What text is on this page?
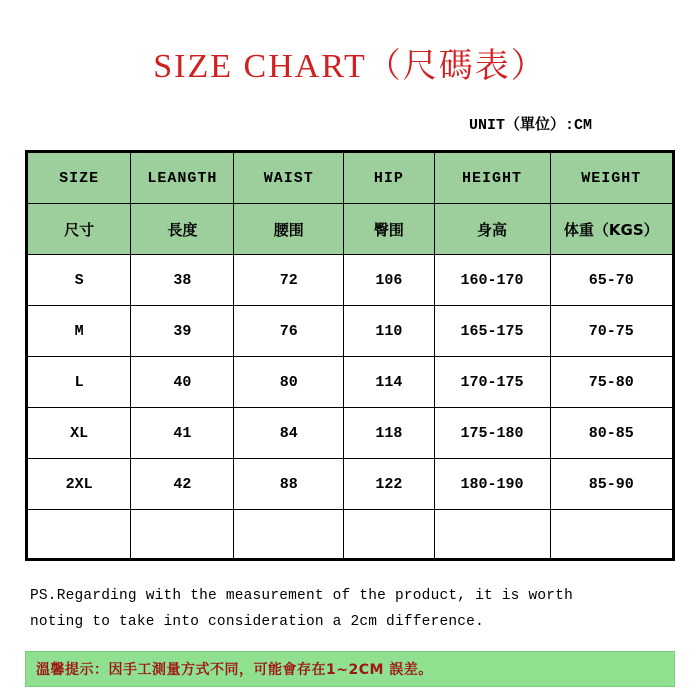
SIZE CHART（尺碼表）
UNIT（單位）:CM
SIZE	LEANGTH	WAIST	HIP	HEIGHT	WEIGHT
尺寸	長度	腰围	臀围	身高	体重（KGS）
S	38	72	106	160-170	65-70
M	39	76	110	165-175	70-75
L	40	80	114	170-175	75-80
XL	41	84	118	175-180	80-85
2XL	42	88	122	180-190	85-90

PS.Regarding with the measurement of the product, it is worth
noting to take into consideration a 2cm difference.
溫馨提示：因手工測量方式不同，可能會存在1~2CM 誤差。
